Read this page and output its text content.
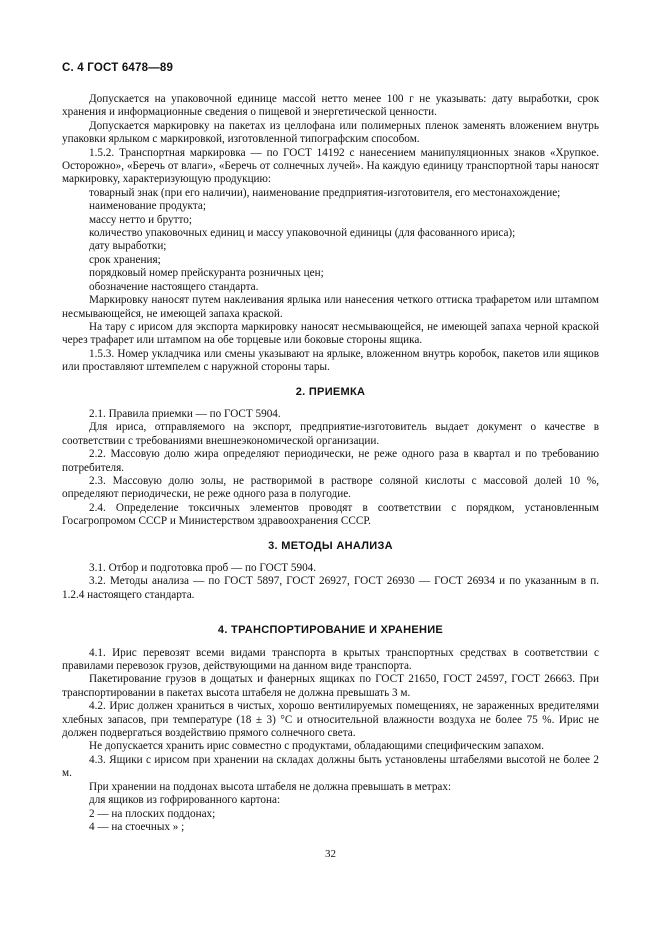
С. 4 ГОСТ 6478—89

Допускается на упаковочной единице массой нетто менее 100 г не указывать: дату выработки, срок хранения и информационные сведения о пищевой и энергетической ценности.

Допускается маркировку на пакетах из целлофана или полимерных пленок заменять вложением внутрь упаковки ярлыком с маркировкой, изготовленной типографским способом.

1.5.2. Транспортная маркировка — по ГОСТ 14192 с нанесением манипуляционных знаков «Хрупкое. Осторожно», «Беречь от влаги», «Беречь от солнечных лучей». На каждую единицу транспортной тары наносят маркировку, характеризующую продукцию:

товарный знак (при его наличии), наименование предприятия-изготовителя, его местонахождение;

наименование продукта;

массу нетто и брутто;

количество упаковочных единиц и массу упаковочной единицы (для фасованного ириса);

дату выработки;

срок хранения;

порядковый номер прейскуранта розничных цен;

обозначение настоящего стандарта.

Маркировку наносят путем наклеивания ярлыка или нанесения четкого оттиска трафаретом или штампом несмывающейся, не имеющей запаха краской.

На тару с ирисом для экспорта маркировку наносят несмывающейся, не имеющей запаха черной краской через трафарет или штампом на обе торцевые или боковые стороны ящика.

1.5.3. Номер укладчика или смены указывают на ярлыке, вложенном внутрь коробок, пакетов или ящиков или проставляют штемпелем с наружной стороны тары.

2. ПРИЕМКА

2.1. Правила приемки — по ГОСТ 5904.

Для ириса, отправляемого на экспорт, предприятие-изготовитель выдает документ о качестве в соответствии с требованиями внешнеэкономической организации.

2.2. Массовую долю жира определяют периодически, не реже одного раза в квартал и по требованию потребителя.

2.3. Массовую долю золы, не растворимой в растворе соляной кислоты с массовой долей 10 %, определяют периодически, не реже одного раза в полугодие.

2.4. Определение токсичных элементов проводят в соответствии с порядком, установленным Госагропромом СССР и Министерством здравоохранения СССР.

3. МЕТОДЫ АНАЛИЗА

3.1. Отбор и подготовка проб — по ГОСТ 5904.

3.2. Методы анализа — по ГОСТ 5897, ГОСТ 26927, ГОСТ 26930 — ГОСТ 26934 и по указанным в п. 1.2.4 настоящего стандарта.

4. ТРАНСПОРТИРОВАНИЕ И ХРАНЕНИЕ

4.1. Ирис перевозят всеми видами транспорта в крытых транспортных средствах в соответствии с правилами перевозок грузов, действующими на данном виде транспорта.

Пакетирование грузов в дощатых и фанерных ящиках по ГОСТ 21650, ГОСТ 24597, ГОСТ 26663. При транспортировании в пакетах высота штабеля не должна превышать 3 м.

4.2. Ирис должен храниться в чистых, хорошо вентилируемых помещениях, не зараженных вредителями хлебных запасов, при температуре (18 ± 3) °С и относительной влажности воздуха не более 75 %. Ирис не должен подвергаться воздействию прямого солнечного света.

Не допускается хранить ирис совместно с продуктами, обладающими специфическим запахом.

4.3. Ящики с ирисом при хранении на складах должны быть установлены штабелями высотой не более 2 м.

При хранении на поддонах высота штабеля не должна превышать в метрах:

для ящиков из гофрированного картона:

2 — на плоских поддонах;

4 — на стоечных » ;

32
